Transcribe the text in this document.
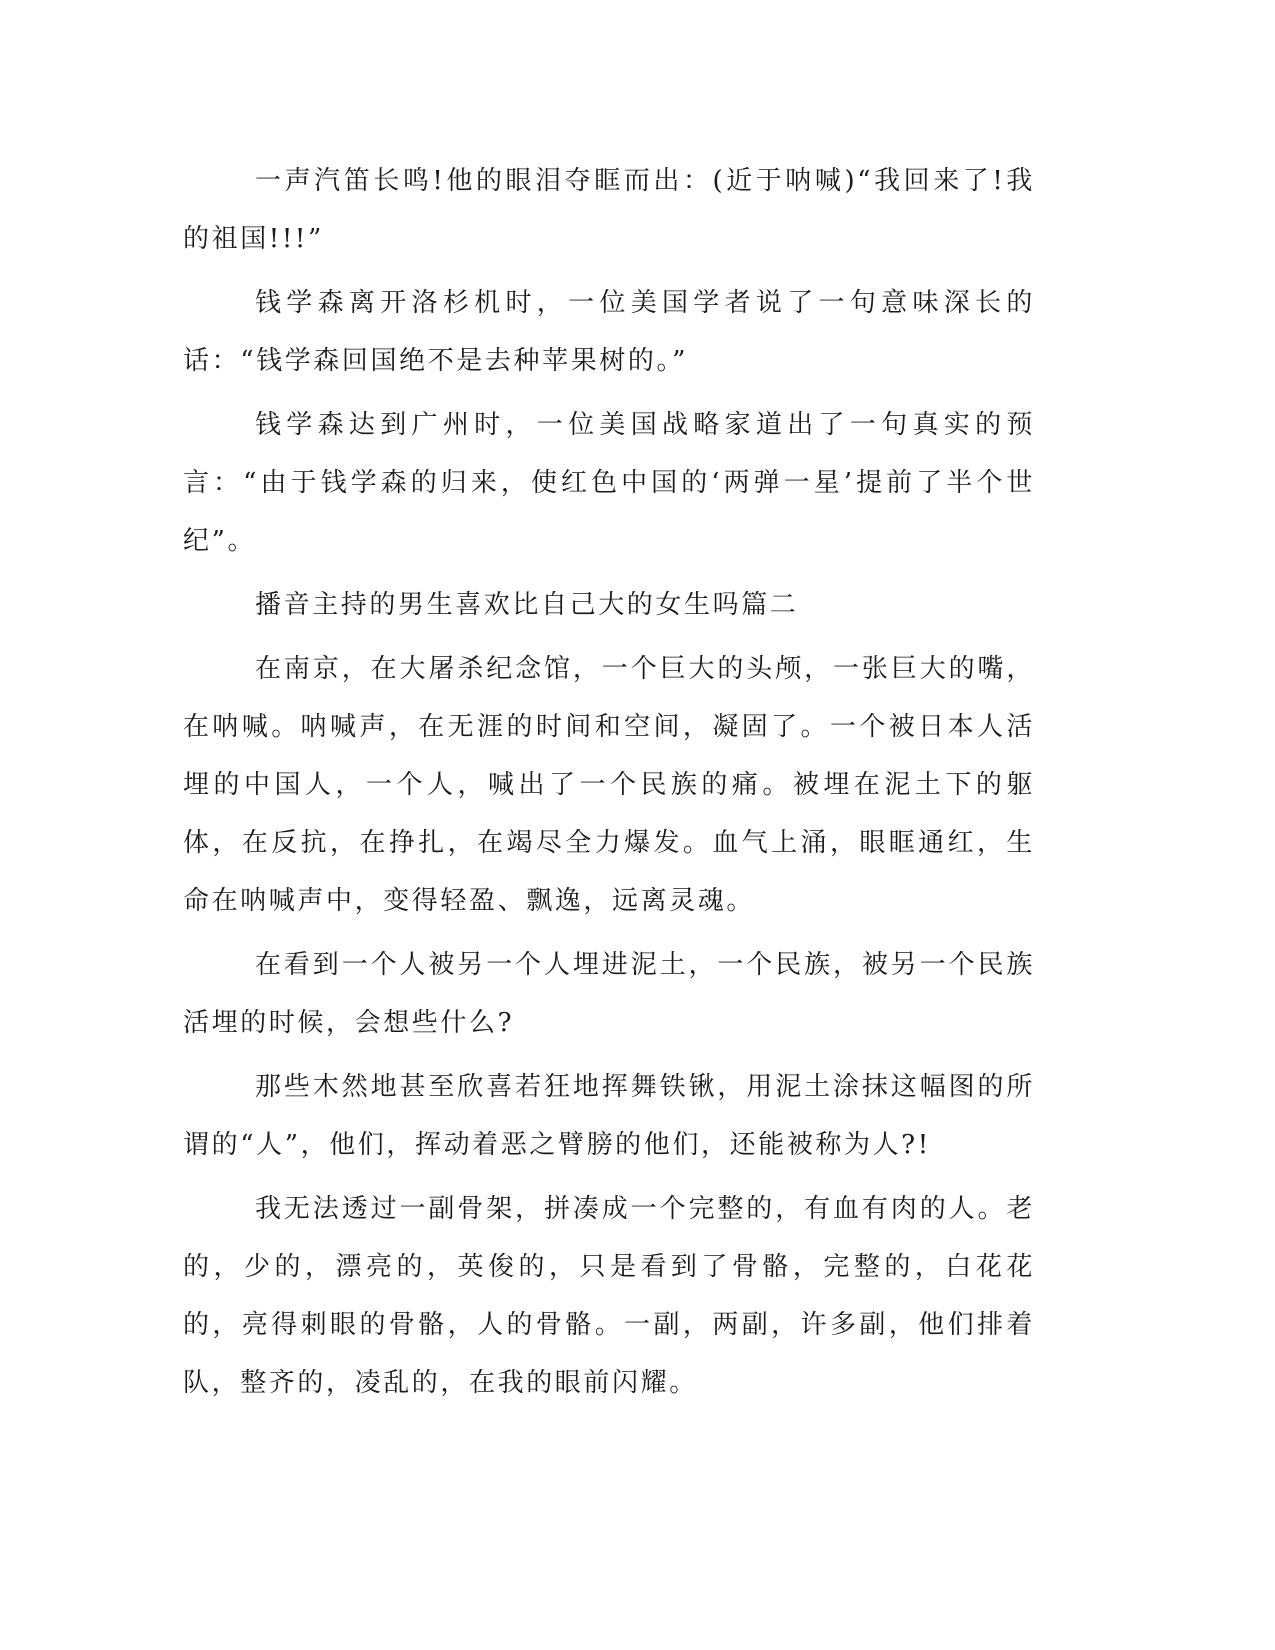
一声汽笛长鸣!他的眼泪夺眶而出：(近于呐喊)“我回来了!我的祖国!!!”

钱学森离开洛杉机时，一位美国学者说了一句意味深长的话：“钱学森回国绝不是去种苹果树的。”

钱学森达到广州时，一位美国战略家道出了一句真实的预言：“由于钱学森的归来，使红色中国的‘两弹一星’提前了半个世纪”。

播音主持的男生喜欢比自己大的女生吗篇二

在南京，在大屠杀纪念馆，一个巨大的头颅，一张巨大的嘴，在呐喊。呐喊声，在无涯的时间和空间，凝固了。一个被日本人活埋的中国人，一个人，喊出了一个民族的痛。被埋在泥土下的躯体，在反抗，在挣扎，在竭尽全力爆发。血气上涌，眼眶通红，生命在呐喊声中，变得轻盈、飘逸，远离灵魂。

在看到一个人被另一个人埋进泥土，一个民族，被另一个民族活埋的时候，会想些什么?

那些木然地甚至欣喜若狂地挥舞铁锹，用泥土涂抹这幅图的所谓的“人”，他们，挥动着恶之臂膀的他们，还能被称为人?!

我无法透过一副骨架，拼凑成一个完整的，有血有肉的人。老的，少的，漂亮的，英俊的，只是看到了骨骼，完整的，白花花的，亮得刺眼的骨骼，人的骨骼。一副，两副，许多副，他们排着队，整齐的，凌乱的，在我的眼前闪耀。
